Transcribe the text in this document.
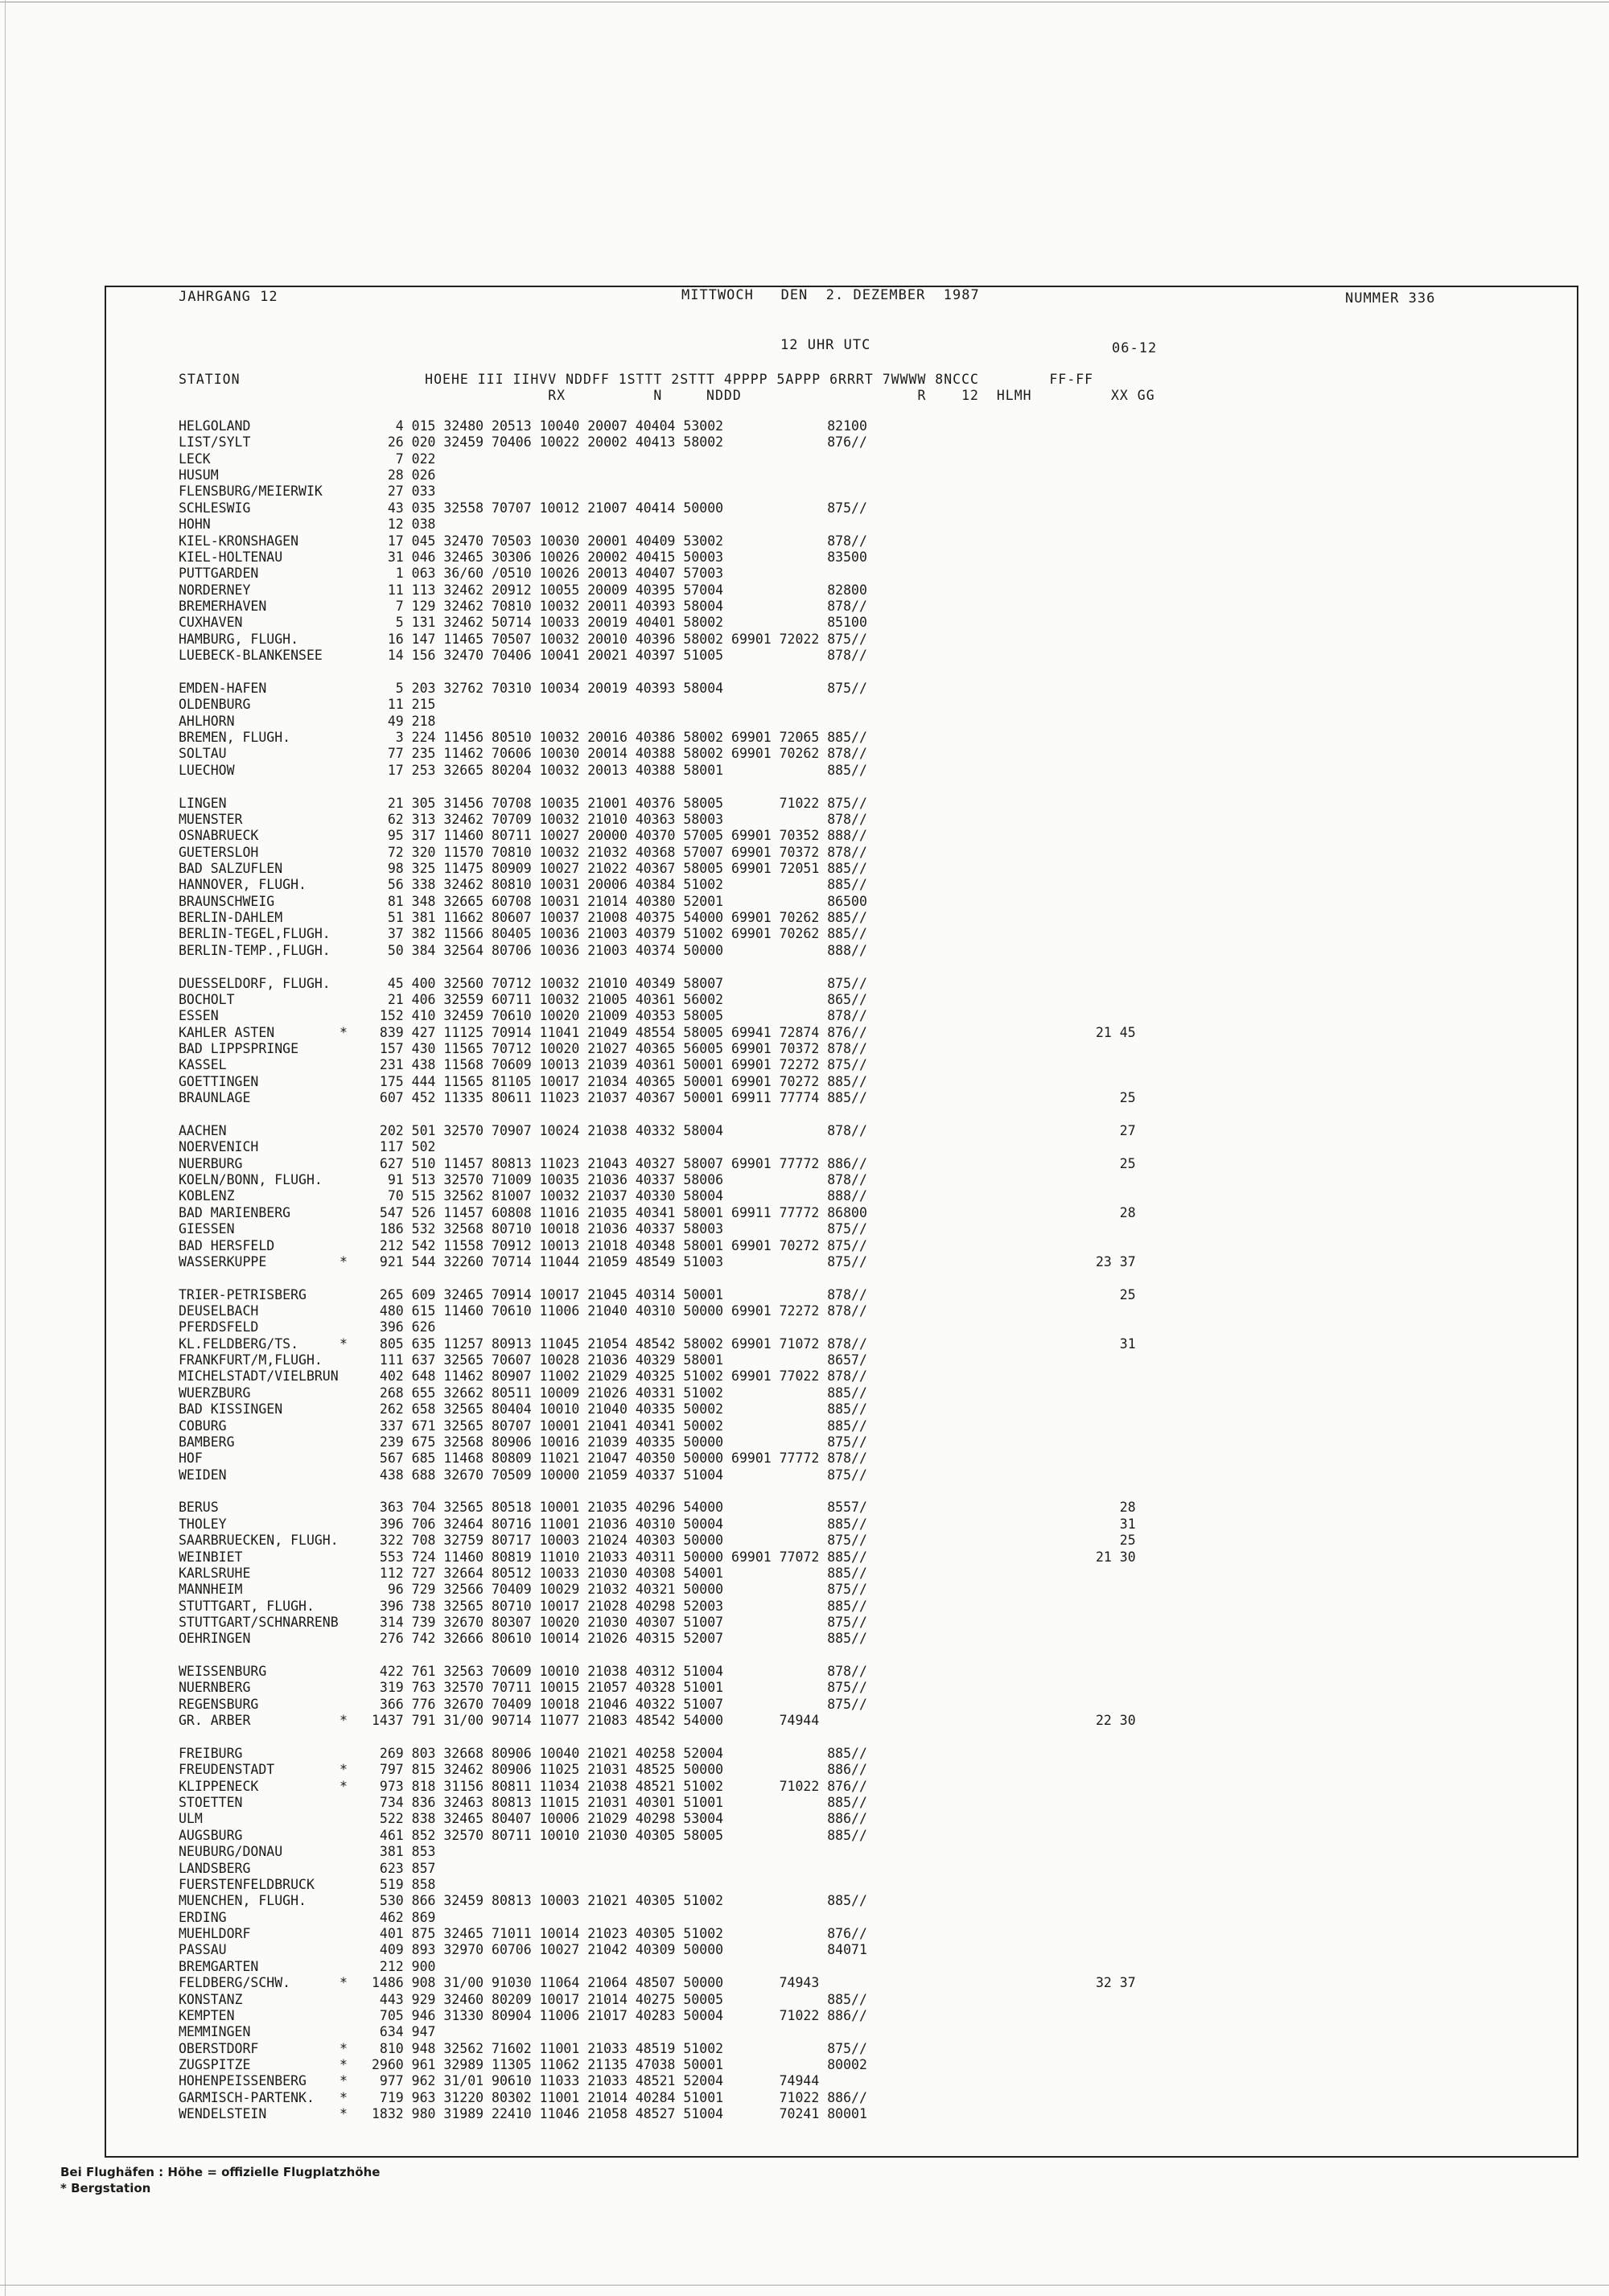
JAHRGANG 12	MITTWOCH   DEN  2. DEZEMBER  1987	NUMMER 336
12 UHR UTC	06-12
STATION                     HOEHE III IIHVV NDDFF 1STTT 2STTT 4PPPP 5APPP 6RRRT 7WWWW 8NCCC        FF-FF
RX          N     NDDD                    R    12  HLMH         XX GG
HELGOLAND	4 015 32480 20513 10040 20007 40404 53002             82100
LIST/SYLT	26 020 32459 70406 10022 20002 40413 58002             876//
LECK	7 022
HUSUM	28 026
FLENSBURG/MEIERWIK	27 033
SCHLESWIG	43 035 32558 70707 10012 21007 40414 50000             875//
HOHN	12 038
KIEL-KRONSHAGEN	17 045 32470 70503 10030 20001 40409 53002             878//
KIEL-HOLTENAU	31 046 32465 30306 10026 20002 40415 50003             83500
PUTTGARDEN	1 063 36/60 /0510 10026 20013 40407 57003
NORDERNEY	11 113 32462 20912 10055 20009 40395 57004             82800
BREMERHAVEN	7 129 32462 70810 10032 20011 40393 58004             878//
CUXHAVEN	5 131 32462 50714 10033 20019 40401 58002             85100
HAMBURG, FLUGH.	16 147 11465 70507 10032 20010 40396 58002 69901 72022 875//
LUEBECK-BLANKENSEE	14 156 32470 70406 10041 20021 40397 51005             878//
EMDEN-HAFEN	5 203 32762 70310 10034 20019 40393 58004             875//
OLDENBURG	11 215
AHLHORN	49 218
BREMEN, FLUGH.	3 224 11456 80510 10032 20016 40386 58002 69901 72065 885//
SOLTAU	77 235 11462 70606 10030 20014 40388 58002 69901 70262 878//
LUECHOW	17 253 32665 80204 10032 20013 40388 58001             885//
LINGEN	21 305 31456 70708 10035 21001 40376 58005       71022 875//
MUENSTER	62 313 32462 70709 10032 21010 40363 58003             878//
OSNABRUECK	95 317 11460 80711 10027 20000 40370 57005 69901 70352 888//
GUETERSLOH	72 320 11570 70810 10032 21032 40368 57007 69901 70372 878//
BAD SALZUFLEN	98 325 11475 80909 10027 21022 40367 58005 69901 72051 885//
HANNOVER, FLUGH.	56 338 32462 80810 10031 20006 40384 51002             885//
BRAUNSCHWEIG	81 348 32665 60708 10031 21014 40380 52001             86500
BERLIN-DAHLEM	51 381 11662 80607 10037 21008 40375 54000 69901 70262 885//
BERLIN-TEGEL,FLUGH.	37 382 11566 80405 10036 21003 40379 51002 69901 70262 885//
BERLIN-TEMP.,FLUGH.	50 384 32564 80706 10036 21003 40374 50000             888//
DUESSELDORF, FLUGH.	45 400 32560 70712 10032 21010 40349 58007             875//
BOCHOLT	21 406 32559 60711 10032 21005 40361 56002             865//
ESSEN	152 410 32459 70610 10020 21009 40353 58005             878//
KAHLER ASTEN	* 839 427 11125 70914 11041 21049 48554 58005 69941 72874 876//	21 45
BAD LIPPSPRINGE	157 430 11565 70712 10020 21027 40365 56005 69901 70372 878//
KASSEL	231 438 11568 70609 10013 21039 40361 50001 69901 72272 875//
GOETTINGEN	175 444 11565 81105 10017 21034 40365 50001 69901 70272 885//
BRAUNLAGE	607 452 11335 80611 11023 21037 40367 50001 69911 77774 885//	25
AACHEN	202 501 32570 70907 10024 21038 40332 58004             878//	27
NOERVENICH	117 502
NUERBURG	627 510 11457 80813 11023 21043 40327 58007 69901 77772 886//	25
KOELN/BONN, FLUGH.	91 513 32570 71009 10035 21036 40337 58006             878//
KOBLENZ	70 515 32562 81007 10032 21037 40330 58004             888//
BAD MARIENBERG	547 526 11457 60808 11016 21035 40341 58001 69911 77772 86800	28
GIESSEN	186 532 32568 80710 10018 21036 40337 58003             875//
BAD HERSFELD	212 542 11558 70912 10013 21018 40348 58001 69901 70272 875//
WASSERKUPPE	* 921 544 32260 70714 11044 21059 48549 51003             875//	23 37
TRIER-PETRISBERG	265 609 32465 70914 10017 21045 40314 50001             878//	25
DEUSELBACH	480 615 11460 70610 11006 21040 40310 50000 69901 72272 878//
PFERDSFELD	396 626
KL.FELDBERG/TS.	* 805 635 11257 80913 11045 21054 48542 58002 69901 71072 878//	31
FRANKFURT/M,FLUGH.	111 637 32565 70607 10028 21036 40329 58001             8657/
MICHELSTADT/VIELBRUN	402 648 11462 80907 11002 21029 40325 51002 69901 77022 878//
WUERZBURG	268 655 32662 80511 10009 21026 40331 51002             885//
BAD KISSINGEN	262 658 32565 80404 10010 21040 40335 50002             885//
COBURG	337 671 32565 80707 10001 21041 40341 50002             885//
BAMBERG	239 675 32568 80906 10016 21039 40335 50000             875//
HOF	567 685 11468 80809 11021 21047 40350 50000 69901 77772 878//
WEIDEN	438 688 32670 70509 10000 21059 40337 51004             875//
BERUS	363 704 32565 80518 10001 21035 40296 54000             8557/	28
THOLEY	396 706 32464 80716 11001 21036 40310 50004             885//	31
SAARBRUECKEN, FLUGH.	322 708 32759 80717 10003 21024 40303 50000             875//	25
WEINBIET	553 724 11460 80819 11010 21033 40311 50000 69901 77072 885//	21 30
KARLSRUHE	112 727 32664 80512 10033 21030 40308 54001             885//
MANNHEIM	96 729 32566 70409 10029 21032 40321 50000             875//
STUTTGART, FLUGH.	396 738 32565 80710 10017 21028 40298 52003             885//
STUTTGART/SCHNARRENB	314 739 32670 80307 10020 21030 40307 51007             875//
OEHRINGEN	276 742 32666 80610 10014 21026 40315 52007             885//
WEISSENBURG	422 761 32563 70609 10010 21038 40312 51004             878//
NUERNBERG	319 763 32570 70711 10015 21057 40328 51001             875//
REGENSBURG	366 776 32670 70409 10018 21046 40322 51007             875//
GR. ARBER	* 1437 791 31/00 90714 11077 21083 48542 54000       74944	22 30
FREIBURG	269 803 32668 80906 10040 21021 40258 52004             885//
FREUDENSTADT	* 797 815 32462 80906 11025 21031 48525 50000             886//
KLIPPENECK	* 973 818 31156 80811 11034 21038 48521 51002       71022 876//
STOETTEN	734 836 32463 80813 11015 21031 40301 51001             885//
ULM	522 838 32465 80407 10006 21029 40298 53004             886//
AUGSBURG	461 852 32570 80711 10010 21030 40305 58005             885//
NEUBURG/DONAU	381 853
LANDSBERG	623 857
FUERSTENFELDBRUCK	519 858
MUENCHEN, FLUGH.	530 866 32459 80813 10003 21021 40305 51002             885//
ERDING	462 869
MUEHLDORF	401 875 32465 71011 10014 21023 40305 51002             876//
PASSAU	409 893 32970 60706 10027 21042 40309 50000             84071
BREMGARTEN	212 900
FELDBERG/SCHW.	* 1486 908 31/00 91030 11064 21064 48507 50000       74943	32 37
KONSTANZ	443 929 32460 80209 10017 21014 40275 50005             885//
KEMPTEN	705 946 31330 80904 11006 21017 40283 50004       71022 886//
MEMMINGEN	634 947
OBERSTDORF	* 810 948 32562 71602 11001 21033 48519 51002             875//
ZUGSPITZE	* 2960 961 32989 11305 11062 21135 47038 50001             80002
HOHENPEISSENBERG * 977 962 31/01 90610 11033 21033 48521 52004       74944
GARMISCH-PARTENK. * 719 963 31220 80302 11001 21014 40284 51001       71022 886//
WENDELSTEIN	* 1832 980 31989 22410 11046 21058 48527 51004       70241 80001
Bei Flughäfen : Höhe = offizielle Flugplatzhöhe
* Bergstation
